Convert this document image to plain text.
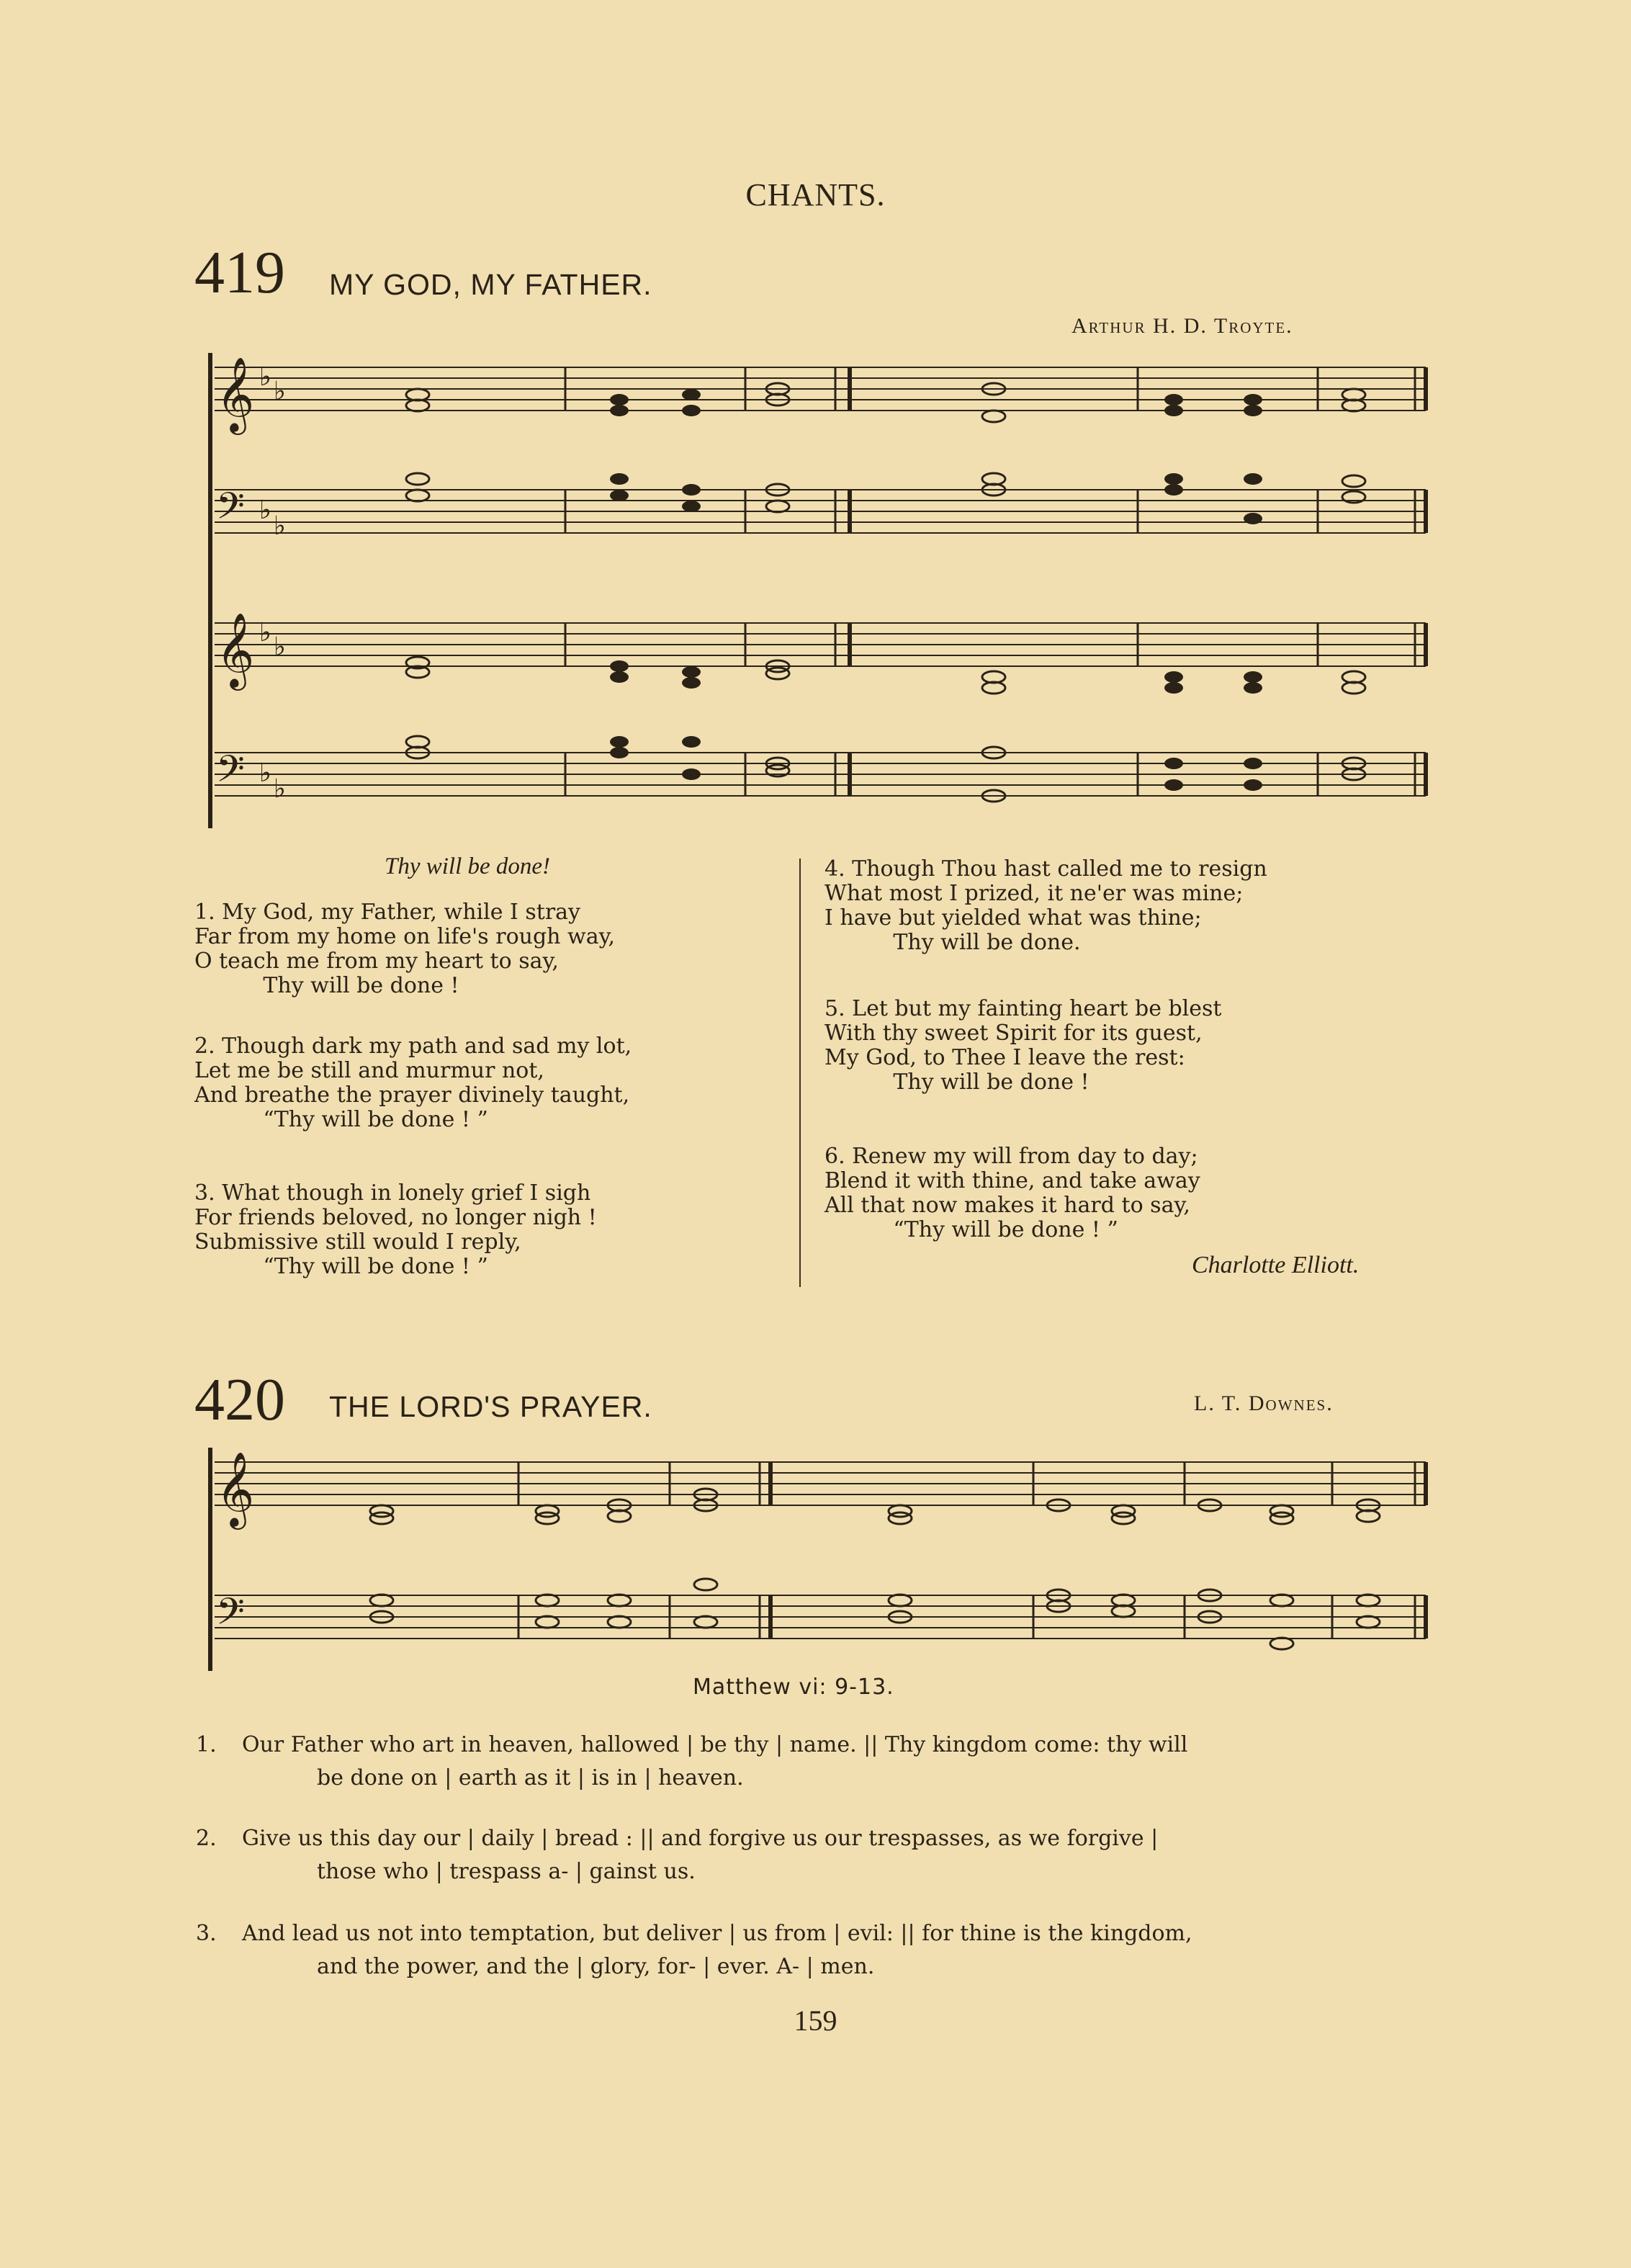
CHANTS.
419 MY GOD, MY FATHER.
Arthur H. D. Troyte.
𝄞
𝄞
𝄢
𝄢
♭ ♭
♭ ♭
♭
♭
♭
♭
Thy will be done!
1. My God, my Father, while I stray
Far from my home on life's rough way,
O teach me from my heart to say,
Thy will be done !
2. Though dark my path and sad my lot,
Let me be still and murmur not,
And breathe the prayer divinely taught,
“Thy will be done ! ”
3. What though in lonely grief I sigh
For friends beloved, no longer nigh !
Submissive still would I reply,
“Thy will be done ! ”
4. Though Thou hast called me to resign
What most I prized, it ne'er was mine;
I have but yielded what was thine;
Thy will be done.
5. Let but my fainting heart be blest
With thy sweet Spirit for its guest,
My God, to Thee I leave the rest:
Thy will be done !
6. Renew my will from day to day;
Blend it with thine, and take away
All that now makes it hard to say,
“Thy will be done ! ”
Charlotte Elliott.
420 THE LORD'S PRAYER.	L. T. Downes.
𝄞
𝄢
Matthew vi: 9-13.
1. Our Father who art in heaven, hallowed | be thy | name. || Thy kingdom come: thy will
be done on | earth as it | is in | heaven.
2. Give us this day our | daily | bread : || and forgive us our trespasses, as we forgive |
those who | trespass a- | gainst us.
3. And lead us not into temptation, but deliver | us from | evil: || for thine is the kingdom,
and the power, and the | glory, for- | ever. A- | men.
159
